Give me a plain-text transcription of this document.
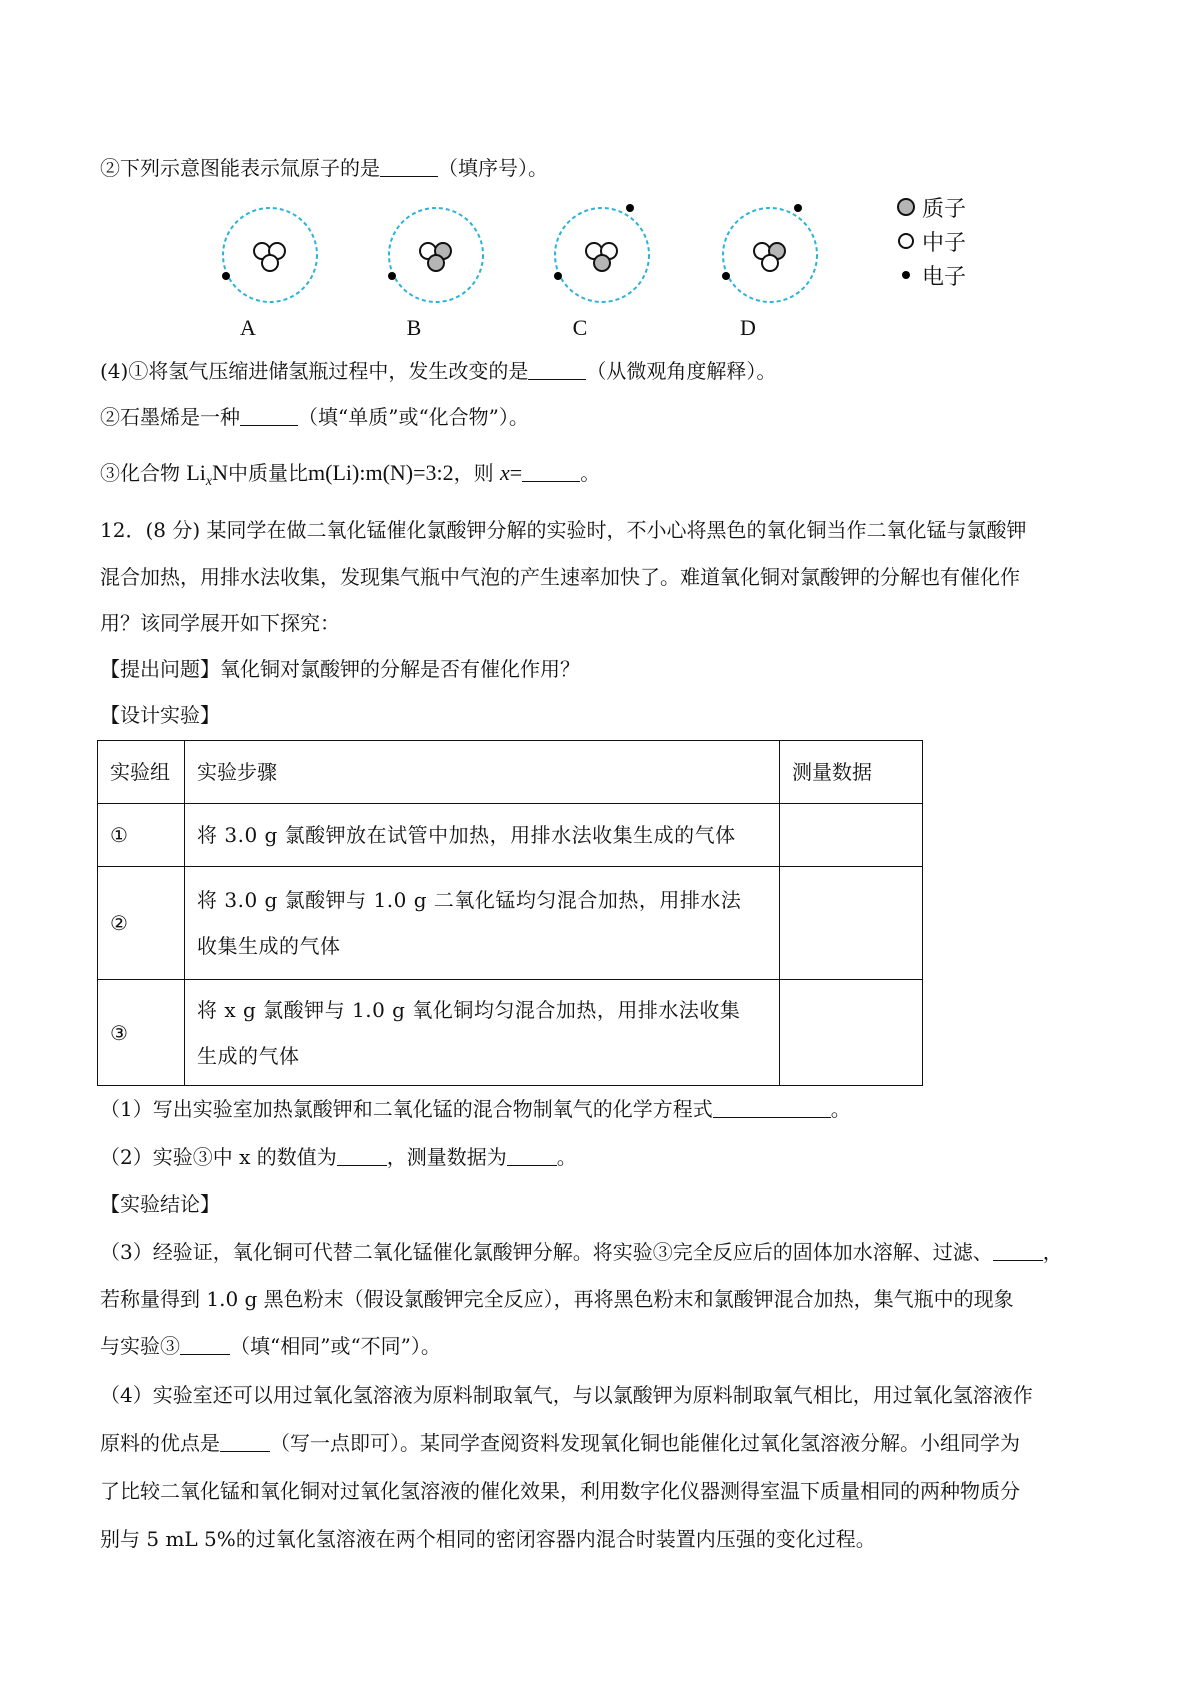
②下列示意图能表示氚原子的是	（填序号）。
A	B	C	D
质子
中子
电子
(4)①将氢气压缩进储氢瓶过程中，发生改变的是	（从微观角度解释）。
②石墨烯是一种	（填“单质”或“化合物”）。
③化合物 $Li_xN$中质量比m(Li):m(N)=3:2，则 x=	。
12．(8 分) 某同学在做二氧化锰催化氯酸钾分解的实验时，不小心将黑色的氧化铜当作二氧化锰与氯酸钾
混合加热，用排水法收集，发现集气瓶中气泡的产生速率加快了。难道氧化铜对氯酸钾的分解也有催化作
用？该同学展开如下探究：
【提出问题】氧化铜对氯酸钾的分解是否有催化作用？
【设计实验】
实验组	实验步骤	测量数据
①	将 3.0 g 氯酸钾放在试管中加热，用排水法收集生成的气体	
②	将 3.0 g 氯酸钾与 1.0 g 二氧化锰均匀混合加热，用排水法
收集生成的气体	

③	将 x g 氯酸钾与 1.0 g 氧化铜均匀混合加热，用排水法收集
生成的气体	

（1）写出实验室加热氯酸钾和二氧化锰的混合物制氧气的化学方程式	。
（2）实验③中 x 的数值为	，测量数据为	。
【实验结论】
（3）经验证，氧化铜可代替二氧化锰催化氯酸钾分解。将实验③完全反应后的固体加水溶解、过滤、	，
若称量得到 1.0 g 黑色粉末（假设氯酸钾完全反应），再将黑色粉末和氯酸钾混合加热，集气瓶中的现象
与实验③	（填“相同”或“不同”）。
（4）实验室还可以用过氧化氢溶液为原料制取氧气，与以氯酸钾为原料制取氧气相比，用过氧化氢溶液作
原料的优点是	（写一点即可）。某同学查阅资料发现氧化铜也能催化过氧化氢溶液分解。小组同学为
了比较二氧化锰和氧化铜对过氧化氢溶液的催化效果，利用数字化仪器测得室温下质量相同的两种物质分
别与 5 mL 5%的过氧化氢溶液在两个相同的密闭容器内混合时装置内压强的变化过程。
